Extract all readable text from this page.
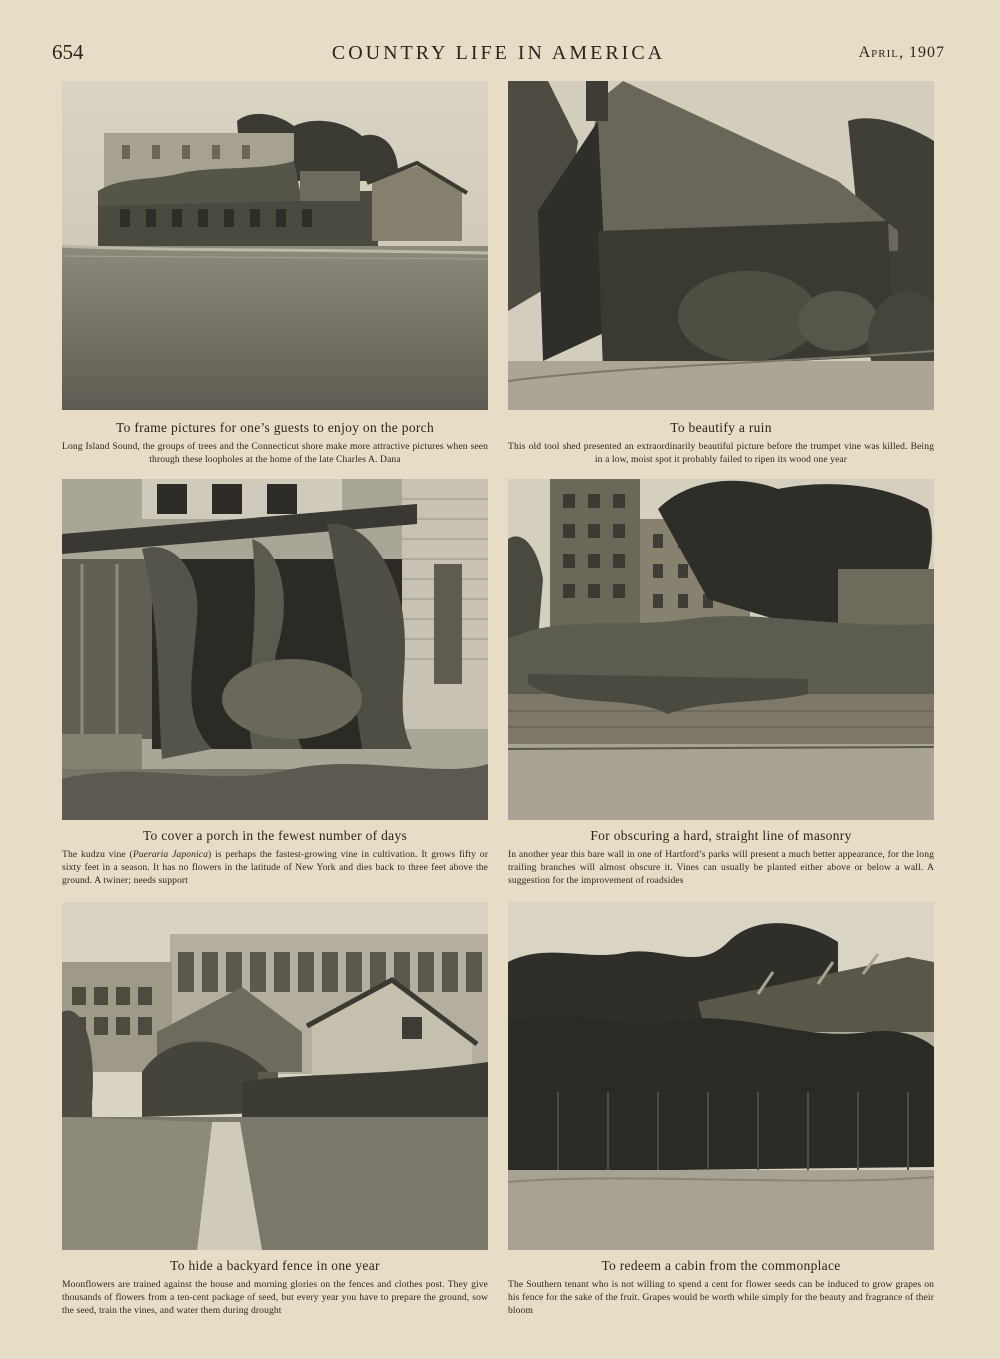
654	COUNTRY LIFE IN AMERICA	April, 1907
To frame pictures for one’s guests to enjoy on the porch
Long Island Sound, the groups of trees and the Connecticut shore make more attractive pictures when seen through these loopholes at the home of the late Charles A. Dana
To beautify a ruin
This old tool shed presented an extraordinarily beautiful picture before the trumpet vine was killed. Being in a low, moist spot it probably failed to ripen its wood one year
To cover a porch in the fewest number of days
The kudzu vine (Pueraria Japonica) is perhaps the fastest-growing vine in cultivation. It grows fifty or sixty feet in a season. It has no flowers in the latitude of New York and dies back to three feet above the ground. A twiner; needs support
For obscuring a hard, straight line of masonry
In another year this bare wall in one of Hartford’s parks will present a much better appearance, for the long trailing branches will almost obscure it. Vines can usually be planted either above or below a wall. A suggestion for the improvement of roadsides
To hide a backyard fence in one year
Moonflowers are trained against the house and morning glories on the fences and clothes post. They give thousands of flowers from a ten-cent package of seed, but every year you have to prepare the ground, sow the seed, train the vines, and water them during drought
To redeem a cabin from the commonplace
The Southern tenant who is not willing to spend a cent for flower seeds can be induced to grow grapes on his fence for the sake of the fruit. Grapes would be worth while simply for the beauty and fragrance of their bloom
